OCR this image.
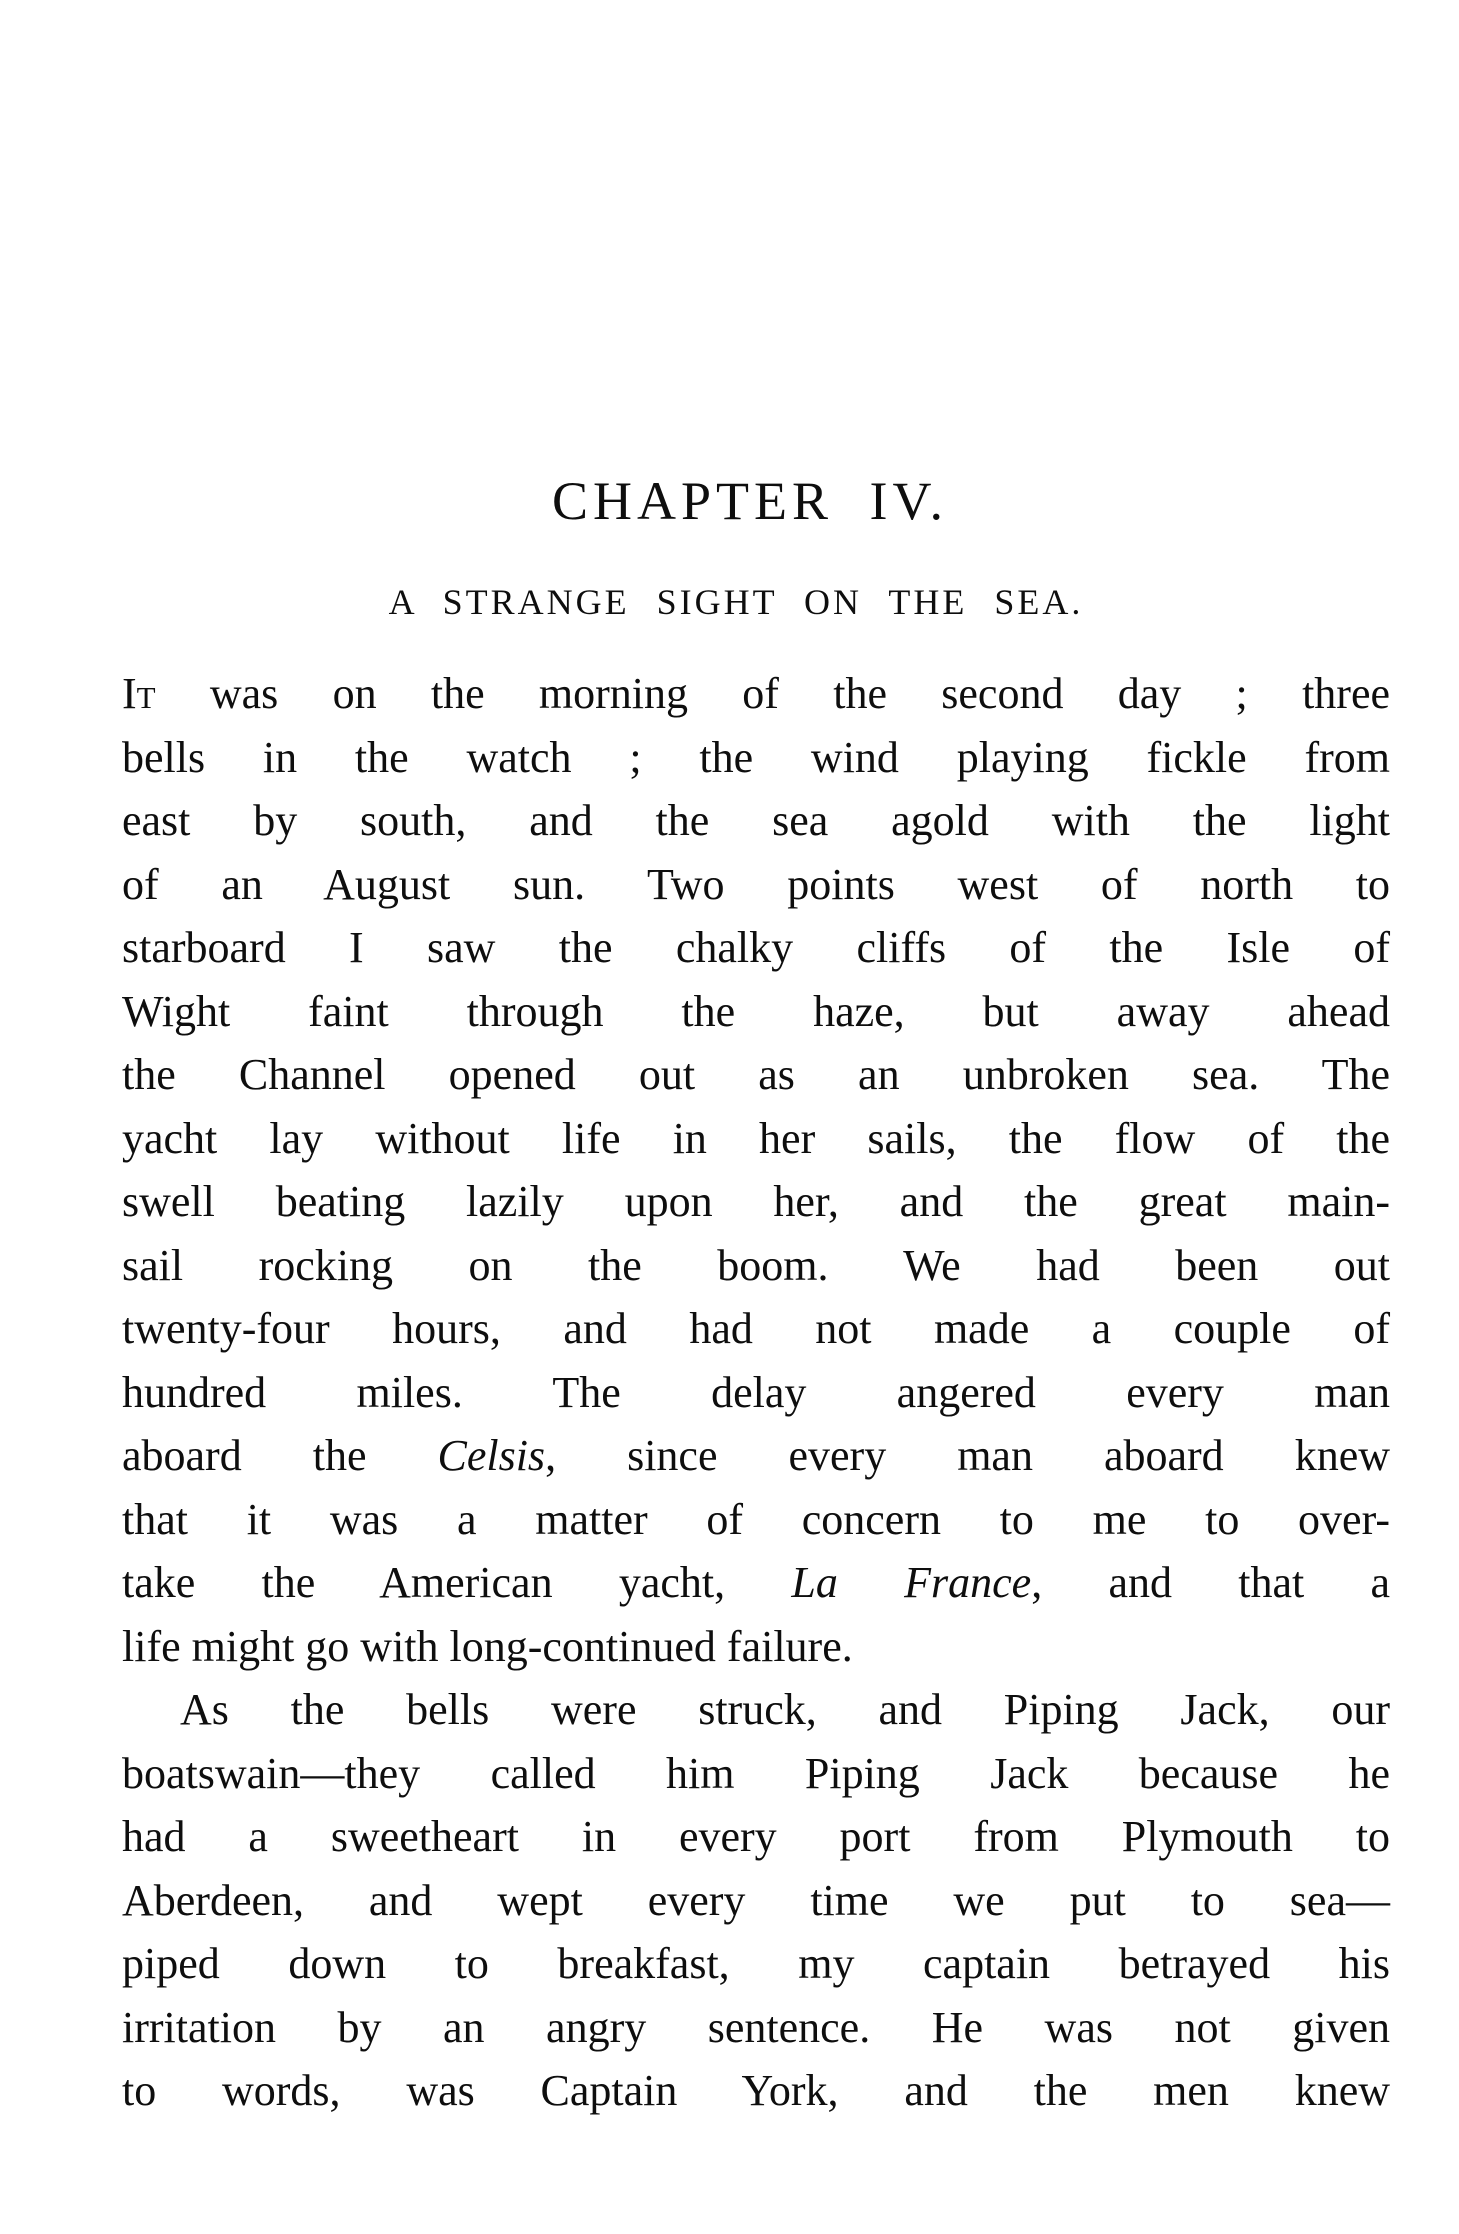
CHAPTER IV.
A STRANGE SIGHT ON THE SEA.
It was on the morning of the second day ; three
bells in the watch ; the wind playing fickle from
east by south, and the sea agold with the light
of an August sun. Two points west of north to
starboard I saw the chalky cliffs of the Isle of
Wight faint through the haze, but away ahead
the Channel opened out as an unbroken sea. The
yacht lay without life in her sails, the flow of the
swell beating lazily upon her, and the great main-
sail rocking on the boom. We had been out
twenty-four hours, and had not made a couple of
hundred miles. The delay angered every man
aboard the Celsis, since every man aboard knew
that it was a matter of concern to me to over-
take the American yacht, La France, and that a
life might go with long-continued failure.
As the bells were struck, and Piping Jack, our
boatswain—they called him Piping Jack because he
had a sweetheart in every port from Plymouth to
Aberdeen, and wept every time we put to sea—
piped down to breakfast, my captain betrayed his
irritation by an angry sentence. He was not given
to words, was Captain York, and the men knew
